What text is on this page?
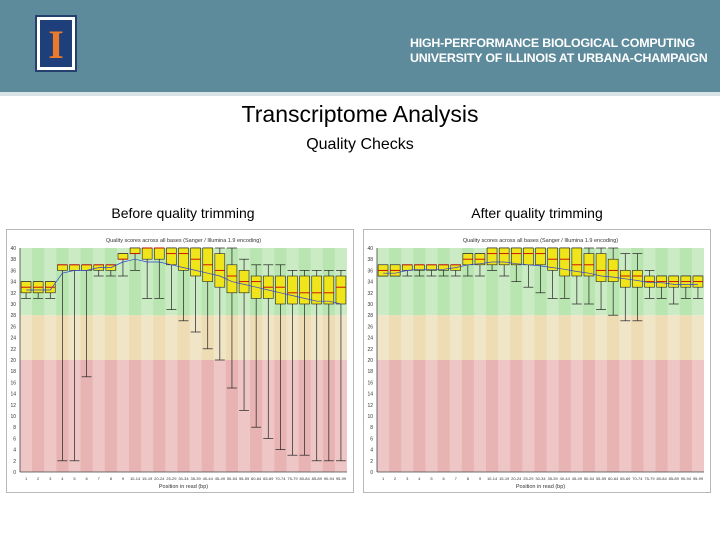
I	HIGH-PERFORMANCE BIOLOGICAL COMPUTING
UNIVERSITY OF ILLINOIS AT URBANA-CHAMPAIGN
Transcriptome Analysis
Quality Checks
Before quality trimming	After quality trimming
Quality scores across all bases (Sanger / Illumina 1.9 encoding)
0
2
4
6
8
10
12
14
16
18
20
22
24
26
28
30
32
34
36
38
40
1 2 3 4 5 6 7 8 9 10-14 15-19 20-24 25-29 30-34 35-39 40-44 45-49 50-54 55-59 60-64 65-69 70-74 75-79 80-84 85-89 90-94 95-99
Position in read (bp)
Quality scores across all bases (Sanger / Illumina 1.9 encoding)
0
2
4
6
8
10
12
14
16
18
20
22
24
26
28
30
32
34
36
38
40
1 2 3 4 5 6 7 8 9 10-14 15-19 20-24 25-29 30-34 35-39 40-44 45-49 50-54 55-59 60-64 65-69 70-74 75-79 80-84 85-89 90-94 95-99
Position in read (bp)
